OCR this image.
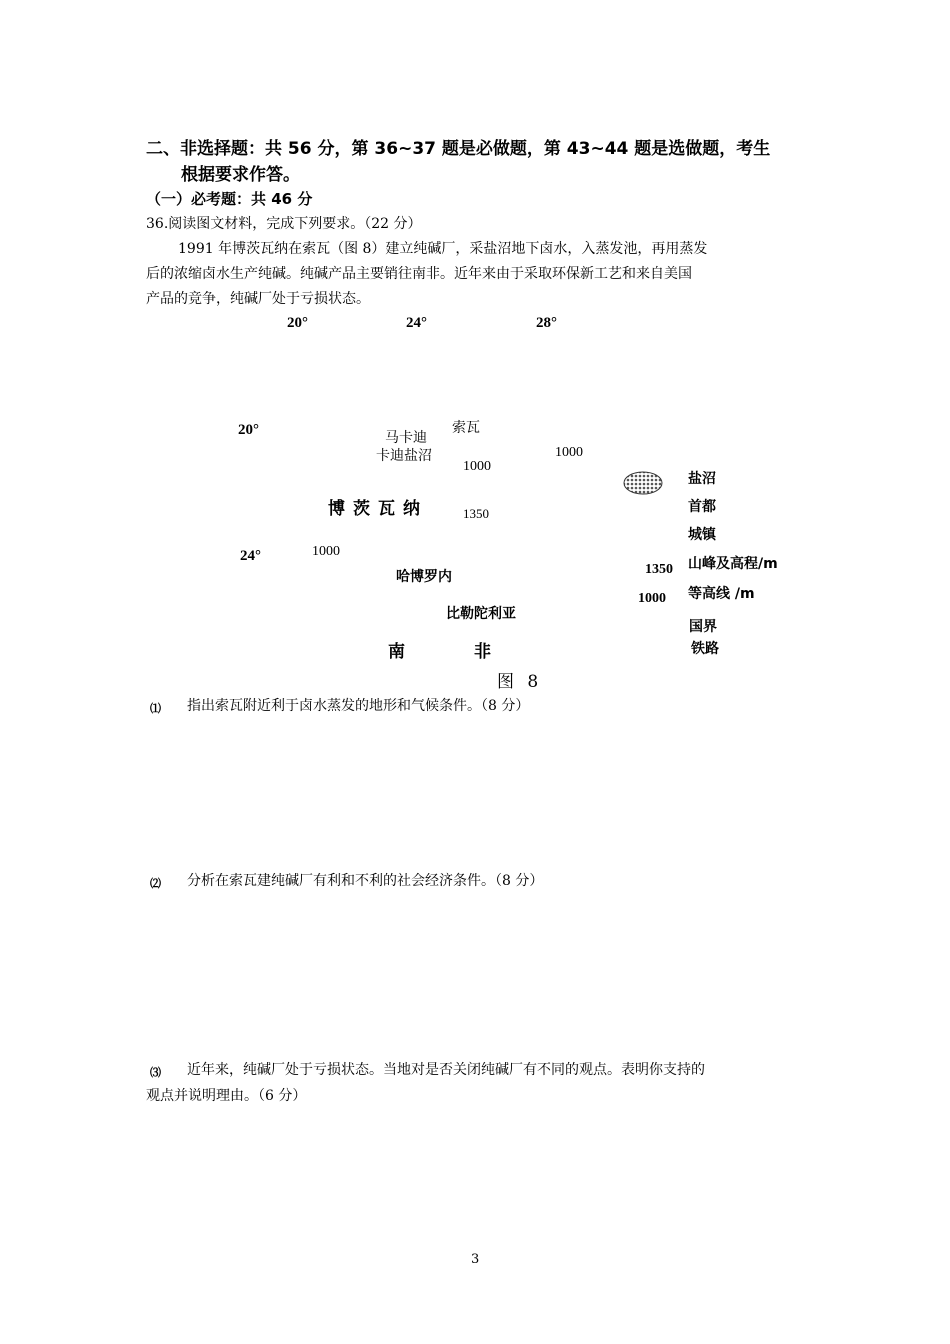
二、非选择题：共 56 分，第 36~37 题是必做题，第 43~44 题是选做题，考生
根据要求作答。
（一）必考题：共 46 分
36.阅读图文材料，完成下列要求。（22 分）
1991 年博茨瓦纳在索瓦（图 8）建立纯碱厂，采盐沼地下卤水，入蒸发池，再用蒸发
后的浓缩卤水生产纯碱。纯碱产品主要销往南非。近年来由于采取环保新工艺和来自美国
产品的竞争，纯碱厂处于亏损状态。
20°	24°	28°
20°
24°
索瓦
马卡迪
卡迪盐沼
1000
1000
1350
1000
博茨瓦纳
哈博罗内
比勒陀利亚
南	非
盐沼
首都
城镇
1350 山峰及高程/m
1000 等高线 /m
国界
铁路
图 8
⑴ 指出索瓦附近利于卤水蒸发的地形和气候条件。（8 分）
⑵ 分析在索瓦建纯碱厂有利和不利的社会经济条件。（8 分）
⑶ 近年来，纯碱厂处于亏损状态。当地对是否关闭纯碱厂有不同的观点。表明你支持的
观点并说明理由。（6 分）
3
